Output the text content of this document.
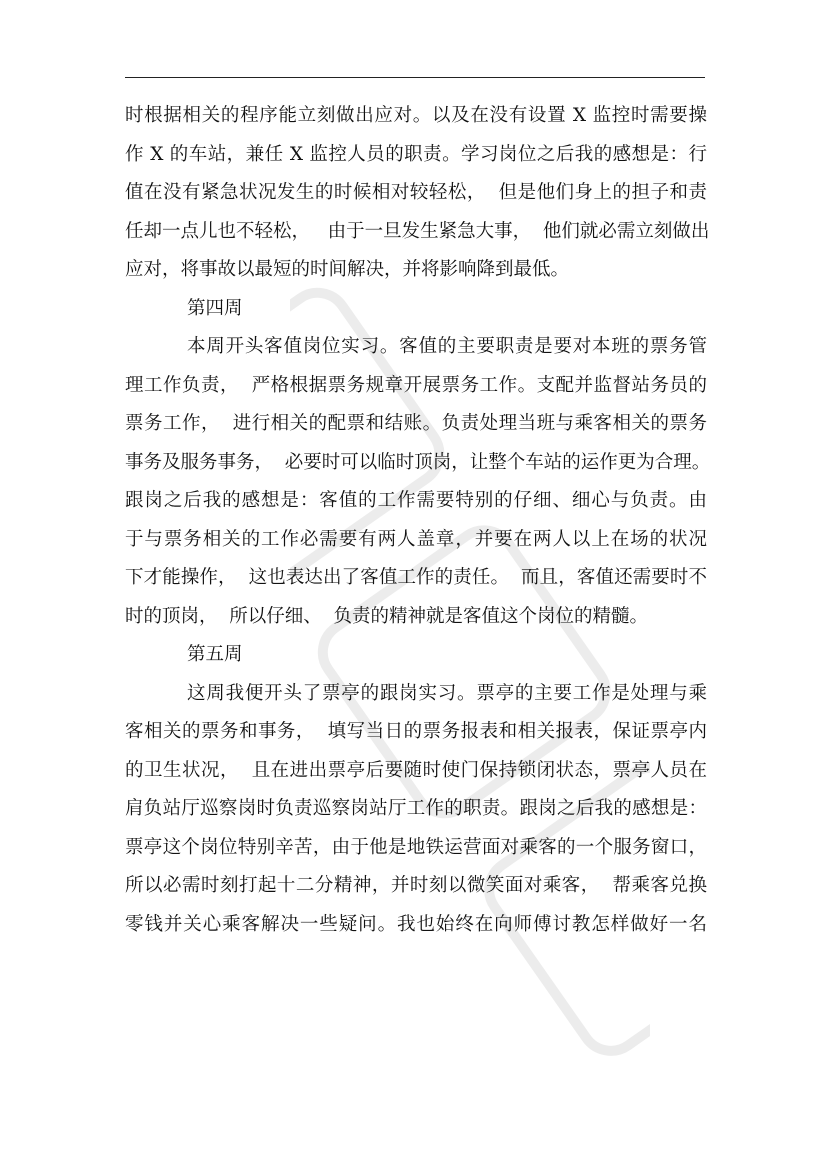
时根据相关的程序能立刻做出应对。以及在没有设置 X 监控时需要操
作 X 的车站，兼任 X 监控人员的职责。学习岗位之后我的感想是：行
值在没有紧急状况发生的时候相对较轻松，  但是他们身上的担子和责
任却一点儿也不轻松，   由于一旦发生紧急大事，  他们就必需立刻做出
应对，将事故以最短的时间解决，并将影响降到最低。
第四周
本周开头客值岗位实习。客值的主要职责是要对本班的票务管
理工作负责，  严格根据票务规章开展票务工作。支配并监督站务员的
票务工作，  进行相关的配票和结账。负责处理当班与乘客相关的票务
事务及服务事务，  必要时可以临时顶岗，让整个车站的运作更为合理。
跟岗之后我的感想是：客值的工作需要特别的仔细、细心与负责。由
于与票务相关的工作必需要有两人盖章，并要在两人以上在场的状况
下才能操作，  这也表达出了客值工作的责任。  而且，客值还需要时不
时的顶岗，  所以仔细、  负责的精神就是客值这个岗位的精髓。
第五周
这周我便开头了票亭的跟岗实习。票亭的主要工作是处理与乘
客相关的票务和事务，  填写当日的票务报表和相关报表，保证票亭内
的卫生状况，  且在进出票亭后要随时使门保持锁闭状态，票亭人员在
肩负站厅巡察岗时负责巡察岗站厅工作的职责。跟岗之后我的感想是：
票亭这个岗位特别辛苦，由于他是地铁运营面对乘客的一个服务窗口，
所以必需时刻打起十二分精神，并时刻以微笑面对乘客，  帮乘客兑换
零钱并关心乘客解决一些疑问。我也始终在向师傅讨教怎样做好一名
